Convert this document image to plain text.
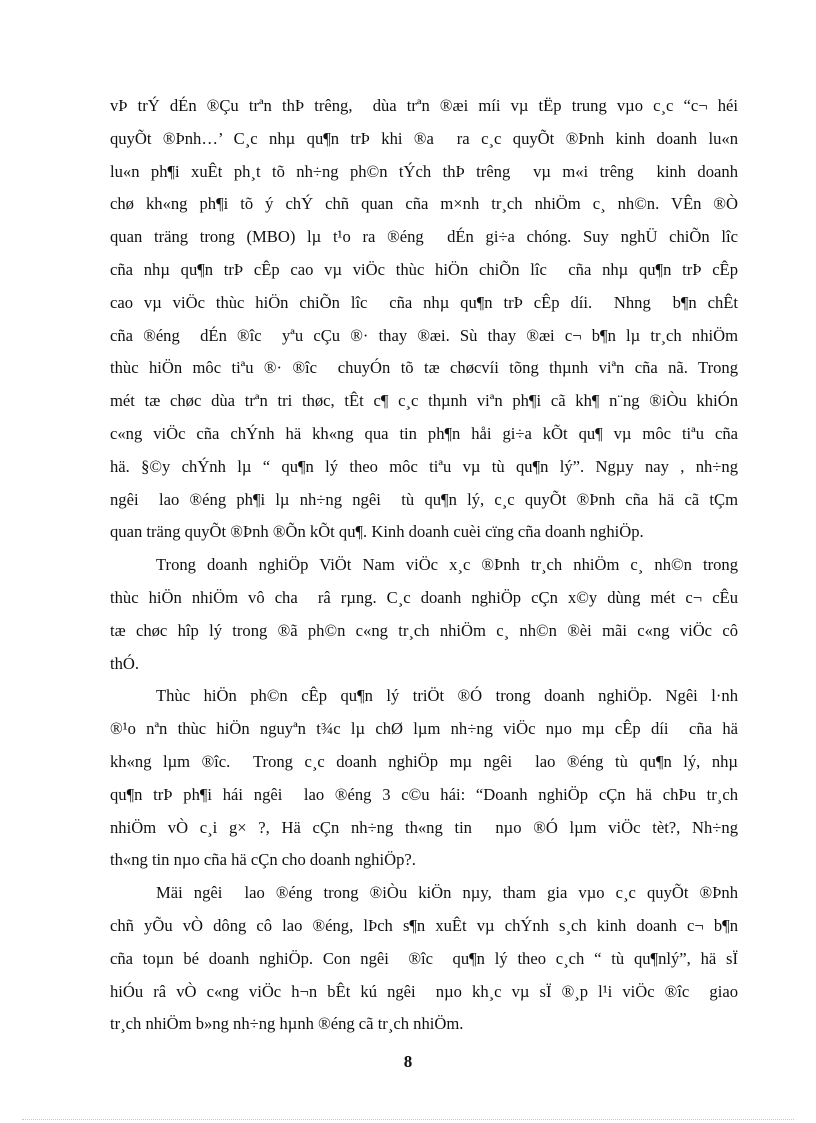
vÞ trÝ dÉn ®Çu trªn thÞ trêng,  dùa trªn ®æi míi vµ tËp trung vµo c¸c “c¬ héi
quyÕt ®Þnh…’ C¸c nhµ qu¶n trÞ khi ®a  ra c¸c quyÕt ®Þnh kinh doanh lu«n
lu«n ph¶i xuÊt ph¸t tõ nh÷ng ph©n tÝch thÞ trêng  vµ m«i trêng  kinh doanh
chø kh«ng ph¶i tõ ý chÝ chñ quan cña m×nh tr¸ch nhiÖm c¸ nh©n. VÊn ®Ò
quan träng trong (MBO) lµ t¹o ra ®éng  dÉn gi÷a chóng. Suy nghÜ chiÕn lîc
cña nhµ qu¶n trÞ cÊp cao vµ viÖc thùc hiÖn chiÕn lîc  cña nhµ qu¶n trÞ cÊp
cao vµ viÖc thùc hiÖn chiÕn lîc  cña nhµ qu¶n trÞ cÊp díi.  Nhng  b¶n chÊt
cña ®éng  dÉn ®îc  yªu cÇu ®· thay ®æi. Sù thay ®æi c¬ b¶n lµ tr¸ch nhiÖm
thùc hiÖn môc tiªu ®· ®îc  chuyÓn tõ tæ chøcvíi tõng thµnh viªn cña nã. Trong
mét tæ chøc dùa trªn tri thøc, tÊt c¶ c¸c thµnh viªn ph¶i cã kh¶ n¨ng ®iÒu khiÓn
c«ng viÖc cña chÝnh hä kh«ng qua tin ph¶n håi gi÷a kÕt qu¶ vµ môc tiªu cña
hä. §©y chÝnh lµ “ qu¶n lý theo môc tiªu vµ tù qu¶n lý”. Ngµy nay , nh÷ng
ngêi  lao ®éng ph¶i lµ nh÷ng ngêi  tù qu¶n lý, c¸c quyÕt ®Þnh cña hä cã tÇm
quan träng quyÕt ®Þnh ®Õn kÕt qu¶. Kinh doanh cuèi cïng cña doanh nghiÖp.
Trong doanh nghiÖp ViÖt Nam viÖc x¸c ®Þnh tr¸ch nhiÖm c¸ nh©n trong
thùc hiÖn nhiÖm vô cha  râ rµng. C¸c doanh nghiÖp cÇn x©y dùng mét c¬ cÊu
tæ chøc hîp lý trong ®ã ph©n c«ng tr¸ch nhiÖm c¸ nh©n ®èi mãi c«ng viÖc cô
thÓ.
Thùc hiÖn ph©n cÊp qu¶n lý triÖt ®Ó trong doanh nghiÖp. Ngêi l·nh
®¹o nªn thùc hiÖn nguyªn t¾c lµ chØ lµm nh÷ng viÖc nµo mµ cÊp díi  cña hä
kh«ng lµm ®îc.  Trong c¸c doanh nghiÖp mµ ngêi  lao ®éng tù qu¶n lý, nhµ
qu¶n trÞ ph¶i hái ngêi  lao ®éng 3 c©u hái: “Doanh nghiÖp cÇn hä chÞu tr¸ch
nhiÖm vÒ c¸i g× ?, Hä cÇn nh÷ng th«ng tin  nµo ®Ó lµm viÖc tèt?, Nh÷ng
th«ng tin nµo cña hä cÇn cho doanh nghiÖp?.
Mäi ngêi  lao ®éng trong ®iÒu kiÖn nµy, tham gia vµo c¸c quyÕt ®Þnh
chñ yÕu vÒ dông cô lao ®éng, lÞch s¶n xuÊt vµ chÝnh s¸ch kinh doanh c¬ b¶n
cña toµn bé doanh nghiÖp. Con ngêi  ®îc  qu¶n lý theo c¸ch “ tù qu¶nlý”, hä sÏ
hiÓu râ vÒ c«ng viÖc h¬n bÊt kú ngêi  nµo kh¸c vµ sÏ ®¸p l¹i viÖc ®îc  giao
tr¸ch nhiÖm b»ng nh÷ng hµnh ®éng cã tr¸ch nhiÖm.
8
